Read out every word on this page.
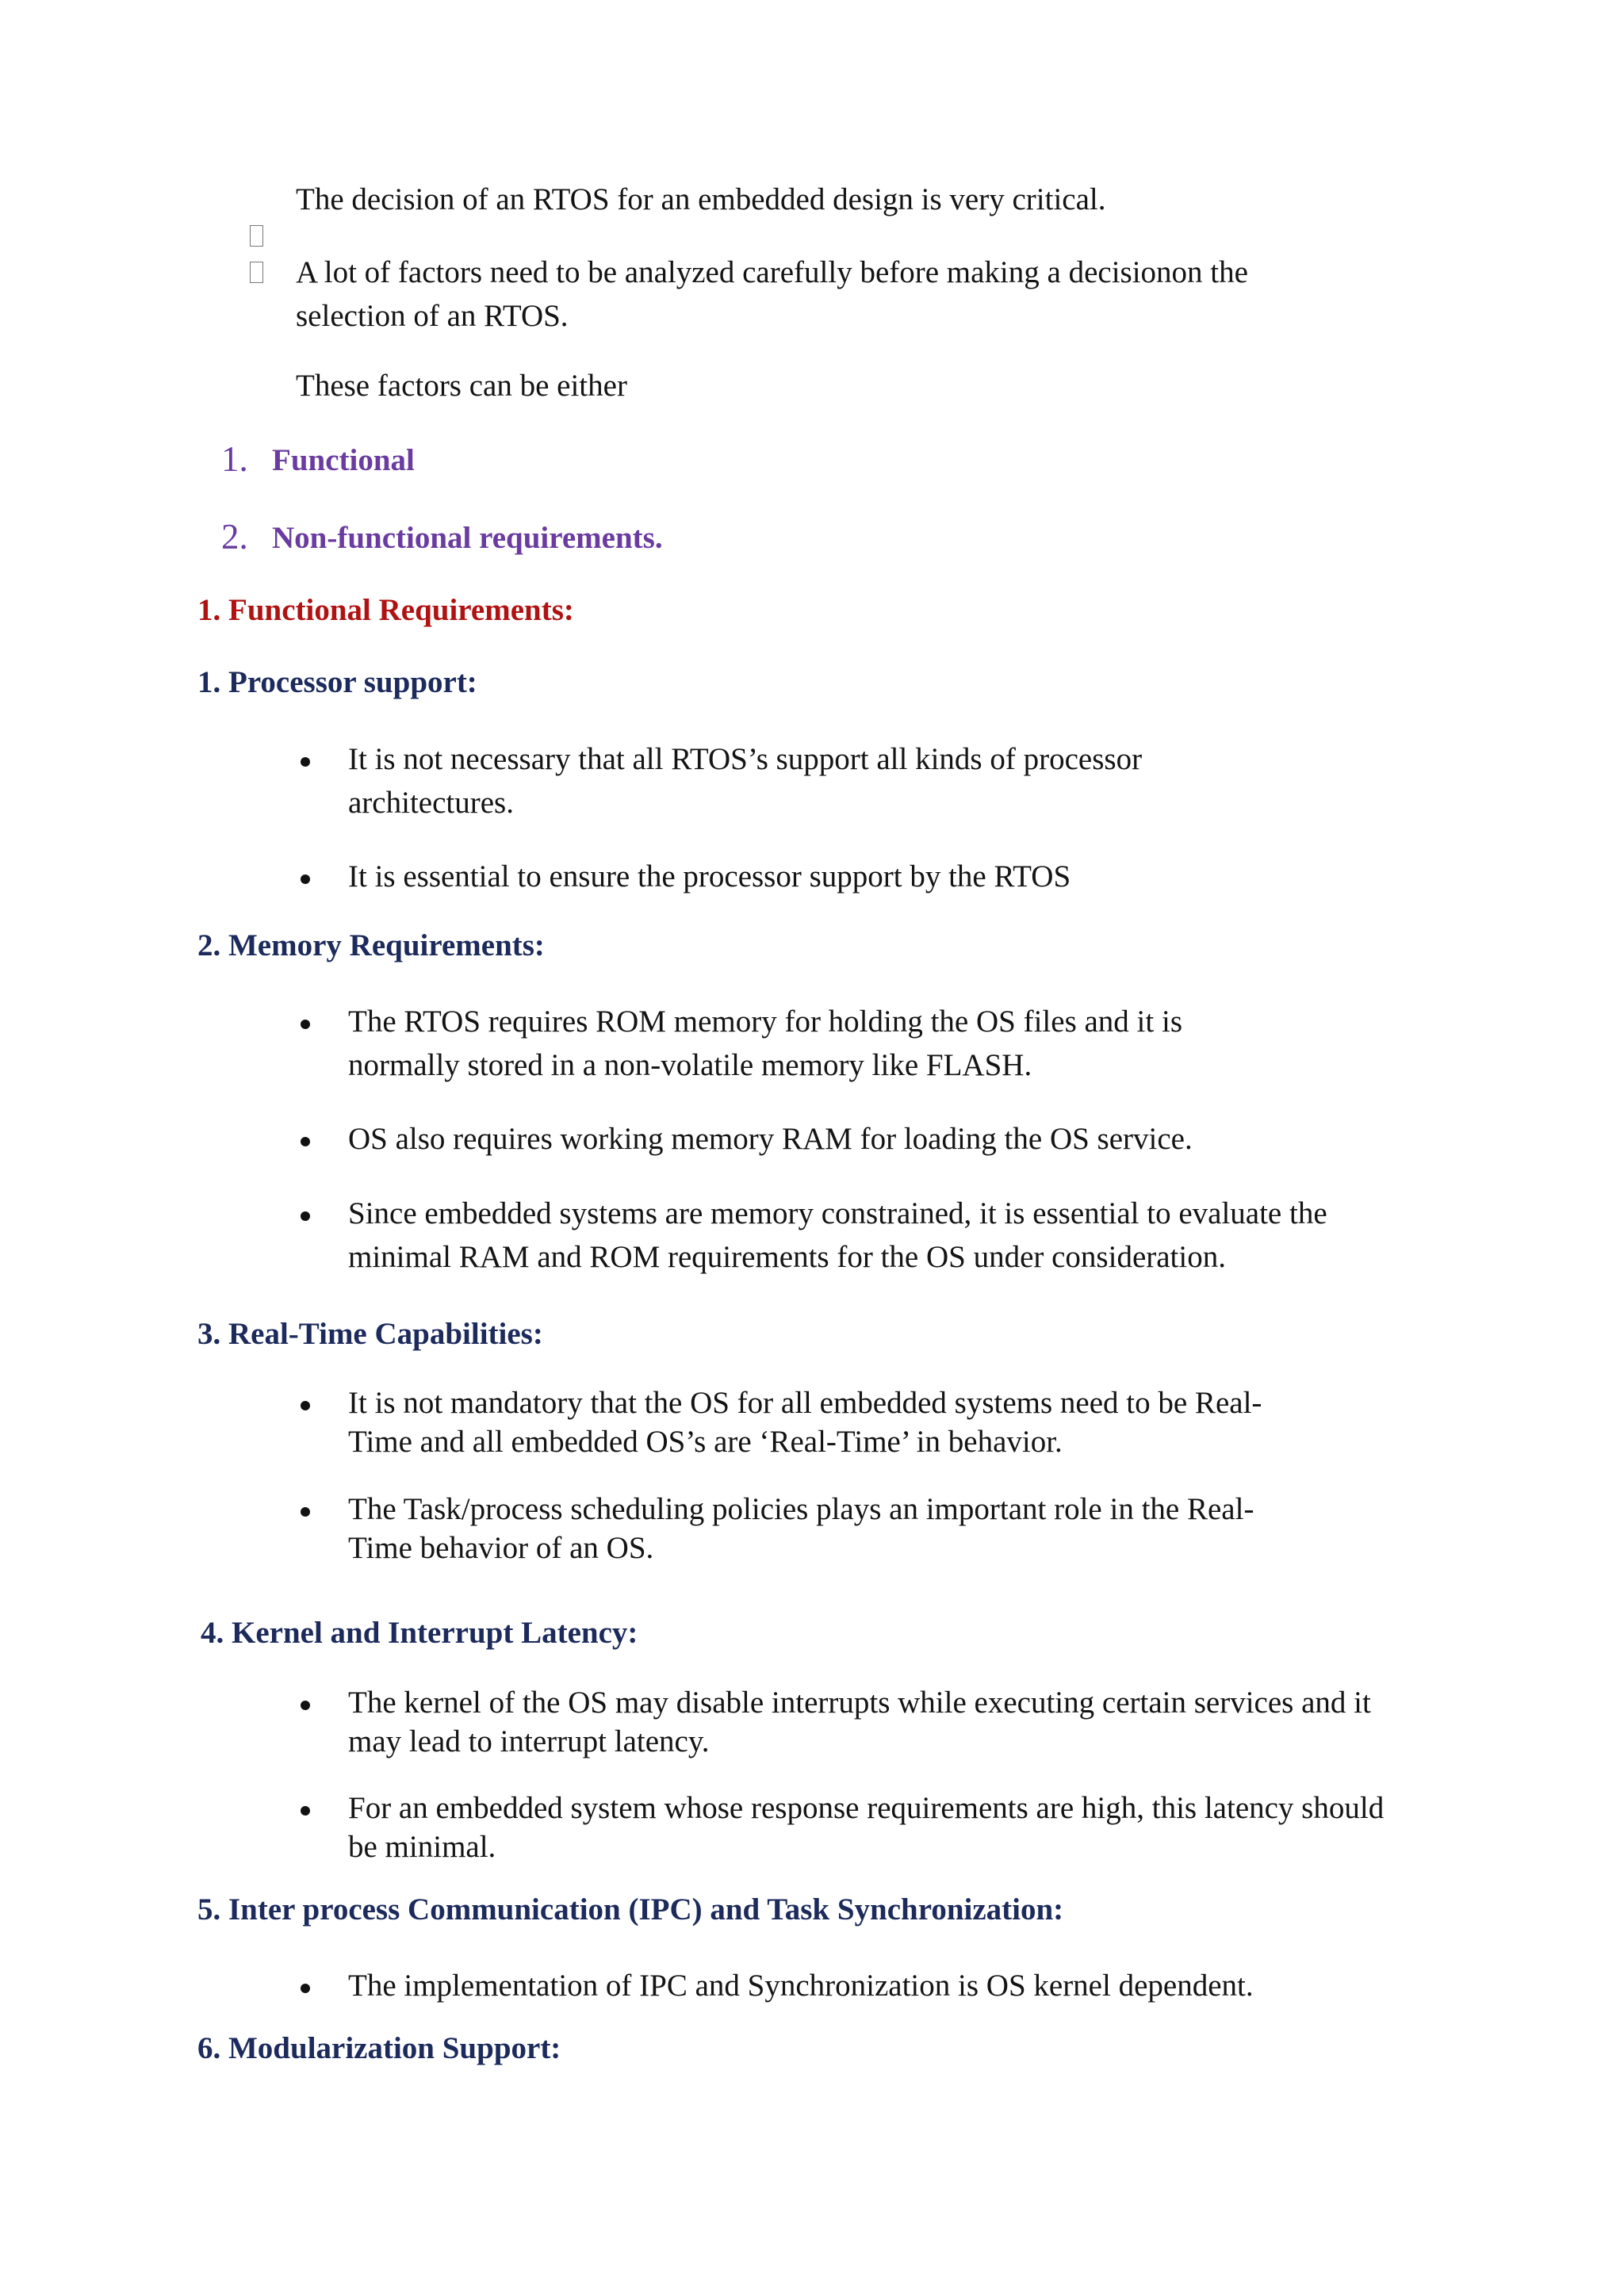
The decision of an RTOS for an embedded design is very critical.
A lot of factors need to be analyzed carefully before making a decisionon the
selection of an RTOS.
These factors can be either
1. Functional
2. Non-functional requirements.
1. Functional Requirements:
1. Processor support:
It is not necessary that all RTOS’s support all kinds of processor
architectures.
It is essential to ensure the processor support by the RTOS
2. Memory Requirements:
The RTOS requires ROM memory for holding the OS files and it is
normally stored in a non-volatile memory like FLASH.
OS also requires working memory RAM for loading the OS service.
Since embedded systems are memory constrained, it is essential to evaluate the
minimal RAM and ROM requirements for the OS under consideration.
3. Real-Time Capabilities:
It is not mandatory that the OS for all embedded systems need to be Real-
Time and all embedded OS’s are ‘Real-Time’ in behavior.
The Task/process scheduling policies plays an important role in the Real-
Time behavior of an OS.
4. Kernel and Interrupt Latency:
The kernel of the OS may disable interrupts while executing certain services and it
may lead to interrupt latency.
For an embedded system whose response requirements are high, this latency should
be minimal.
5. Inter process Communication (IPC) and Task Synchronization:
The implementation of IPC and Synchronization is OS kernel dependent.
6. Modularization Support:
